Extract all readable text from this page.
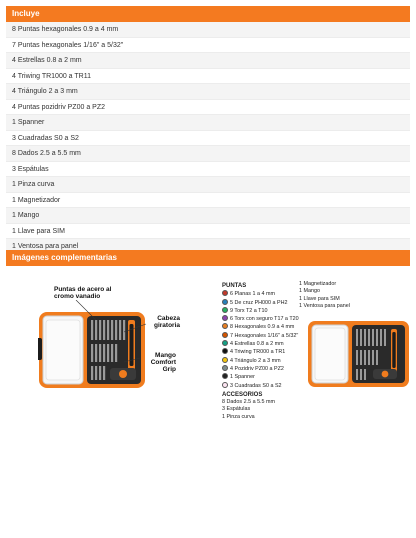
Incluye
8 Puntas hexagonales 0.9 a 4 mm
7 Puntas hexagonales 1/16" a 5/32"
4 Estrellas 0.8 a 2 mm
4 Triwing TR1000 a TR11
4 Triángulo 2 a 3 mm
4 Puntas pozidriv PZ00 a PZ2
1 Spanner
3 Cuadradas S0 a S2
8 Dados 2.5 a 5.5 mm
3 Espátulas
1 Pinza curva
1 Magnetizador
1 Mango
1 Llave para SIM
1 Ventosa para panel
Imágenes complementarias
Puntas de acero al cromo vanadio
Cabeza giratoria
Mango Comfort Grip
PUNTAS
6 Planas 1 a 4 mm
5 De cruz PH000 a PH2
9 Torx T2 a T10
6 Torx con seguro T17 a T20
8 Hexagonales 0.9 a 4 mm
7 Hexagonales 1/16" a 5/32"
4 Estrellas 0.8 a 2 mm
4 Triwing TR000 a TR1
4 Triángulo 2 a 3 mm
4 Pozidriv PZ00 a PZ2
1 Spanner
3 Cuadradas S0 a S2
ACCESORIOS
8 Dados 2.5 a 5.5 mm
3 Espátulas
1 Pinza curva
1 Magnetizador
1 Mango
1 Llave para SIM
1 Ventosa para panel
